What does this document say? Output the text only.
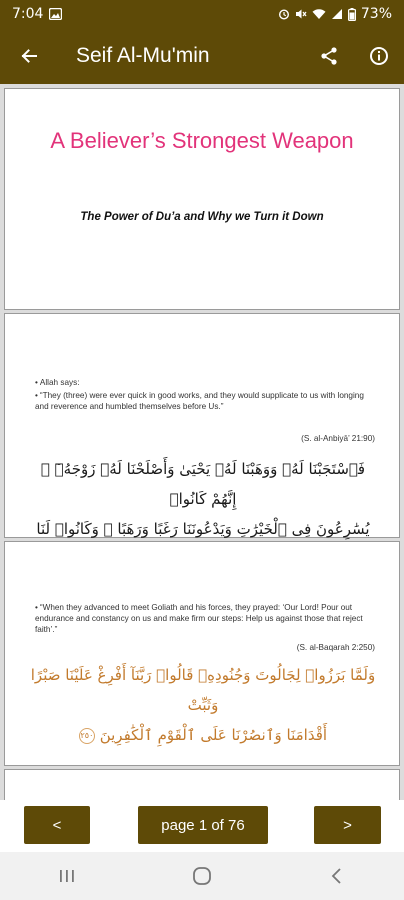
7:04	73%
Seif Al-Mu'min
A Believer’s Strongest Weapon
The Power of Du’a and Why we Turn it Down
• Allah says:
• “They (three) were ever quick in good works, and they would supplicate to us with longing and reverence and humbled themselves before Us.”
(S. al-Anbiyā’ 21:90)
فَٱسْتَجَبْنَا لَهُۥ وَوَهَبْنَا لَهُۥ يَحْيَىٰ وَأَصْلَحْنَا لَهُۥ زَوْجَهُۥٓ ۚ إِنَّهُمْ كَانُوا۟
يُسَٰرِعُونَ فِى ٱلْخَيْرَٰتِ وَيَدْعُونَنَا رَغَبًا وَرَهَبًا ۖ وَكَانُوا۟ لَنَا
• “When they advanced to meet Goliath and his forces, they prayed: ‘Our Lord! Pour out endurance and constancy on us and make firm our steps: Help us against those that reject faith’.”
(S. al-Baqarah 2:250)
وَلَمَّا بَرَزُوا۟ لِجَالُوتَ وَجُنُودِهِۦ قَالُوا۟ رَبَّنَآ أَفْرِغْ عَلَيْنَا صَبْرًا وَثَبِّتْ
أَقْدَامَنَا وَٱنصُرْنَا عَلَى ٱلْقَوْمِ ٱلْكَٰفِرِينَ ٢٥٠
<	page 1 of 76	>
